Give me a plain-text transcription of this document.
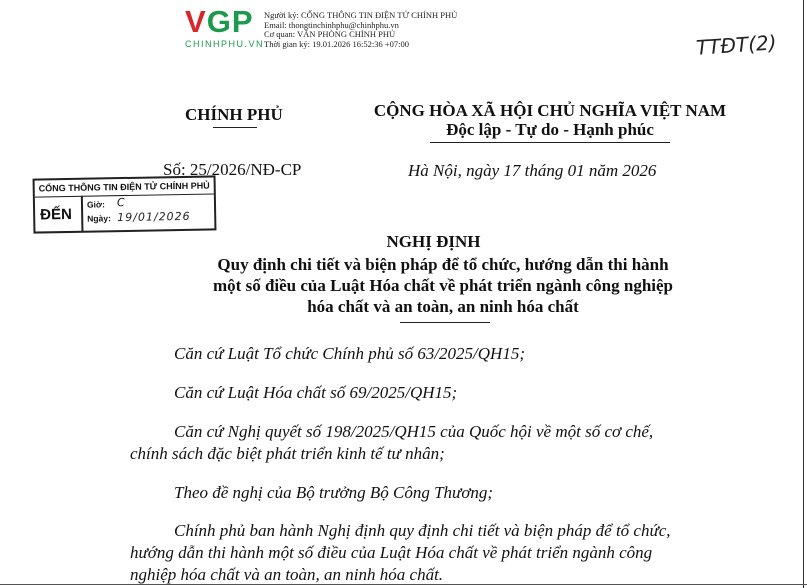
VGP
CHINHPHU.VN
Người ký: CỔNG THÔNG TIN ĐIỆN TỬ CHÍNH PHỦ
Email: thongtinchinhphu@chinhphu.vn
Cơ quan: VĂN PHÒNG CHÍNH PHỦ
Thời gian ký: 19.01.2026 16:52:36 +07:00	TTĐT(2)
CHÍNH PHỦ	CỘNG HÒA XÃ HỘI CHỦ NGHĨA VIỆT NAM
Độc lập - Tự do - Hạnh phúc
Số: 25/2026/NĐ-CP	Hà Nội, ngày 17 tháng 01 năm 2026
CỔNG THÔNG TIN ĐIỆN TỬ CHÍNH PHỦ
ĐẾN
Giờ: C
Ngày: 19/01/2026
NGHỊ ĐỊNH
Quy định chi tiết và biện pháp để tổ chức, hướng dẫn thi hành
một số điều của Luật Hóa chất về phát triển ngành công nghiệp
hóa chất và an toàn, an ninh hóa chất
Căn cứ Luật Tổ chức Chính phủ số 63/2025/QH15;
Căn cứ Luật Hóa chất số 69/2025/QH15;
Căn cứ Nghị quyết số 198/2025/QH15 của Quốc hội về một số cơ chế,
chính sách đặc biệt phát triển kinh tế tư nhân;
Theo đề nghị của Bộ trưởng Bộ Công Thương;
Chính phủ ban hành Nghị định quy định chi tiết và biện pháp để tổ chức,
hướng dẫn thi hành một số điều của Luật Hóa chất về phát triển ngành công
nghiệp hóa chất và an toàn, an ninh hóa chất.
